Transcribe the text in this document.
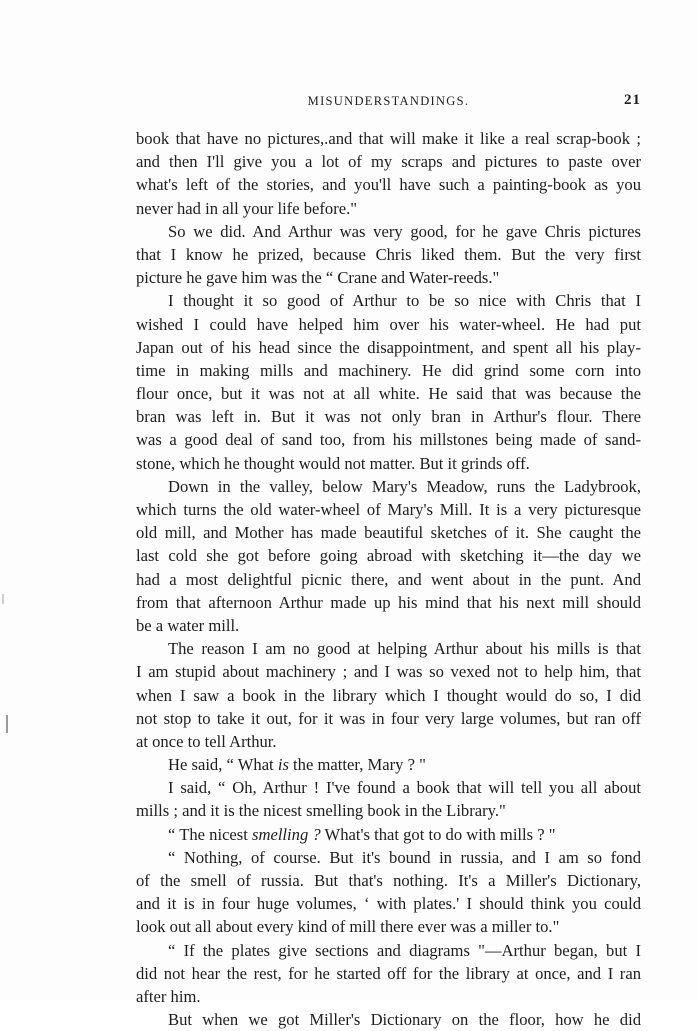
MISUNDERSTANDINGS.	21
book that have no pictures,.and that will make it like a real scrap-book ;
and then I'll give you a lot of my scraps and pictures to paste over
what's left of the stories, and you'll have such a painting-book as you
never had in all your life before."
So we did. And Arthur was very good, for he gave Chris pictures
that I know he prized, because Chris liked them. But the very first
picture he gave him was the “ Crane and Water-reeds."
I thought it so good of Arthur to be so nice with Chris that I
wished I could have helped him over his water-wheel. He had put
Japan out of his head since the disappointment, and spent all his play-
time in making mills and machinery. He did grind some corn into
flour once, but it was not at all white. He said that was because the
bran was left in. But it was not only bran in Arthur's flour. There
was a good deal of sand too, from his millstones being made of sand-
stone, which he thought would not matter. But it grinds off.
Down in the valley, below Mary's Meadow, runs the Ladybrook,
which turns the old water-wheel of Mary's Mill. It is a very picturesque
old mill, and Mother has made beautiful sketches of it. She caught the
last cold she got before going abroad with sketching it—the day we
had a most delightful picnic there, and went about in the punt. And
from that afternoon Arthur made up his mind that his next mill should
be a water mill.
The reason I am no good at helping Arthur about his mills is that
I am stupid about machinery ; and I was so vexed not to help him, that
when I saw a book in the library which I thought would do so, I did
not stop to take it out, for it was in four very large volumes, but ran off
at once to tell Arthur.
He said, “ What is the matter, Mary ? "
I said, “ Oh, Arthur ! I've found a book that will tell you all about
mills ; and it is the nicest smelling book in the Library."
“ The nicest smelling ? What's that got to do with mills ? "
“ Nothing, of course. But it's bound in russia, and I am so fond
of the smell of russia. But that's nothing. It's a Miller's Dictionary,
and it is in four huge volumes, ‘ with plates.' I should think you could
look out all about every kind of mill there ever was a miller to."
“ If the plates give sections and diagrams "—Arthur began, but I
did not hear the rest, for he started off for the library at once, and I ran
after him.
But when we got Miller's Dictionary on the floor, how he did
